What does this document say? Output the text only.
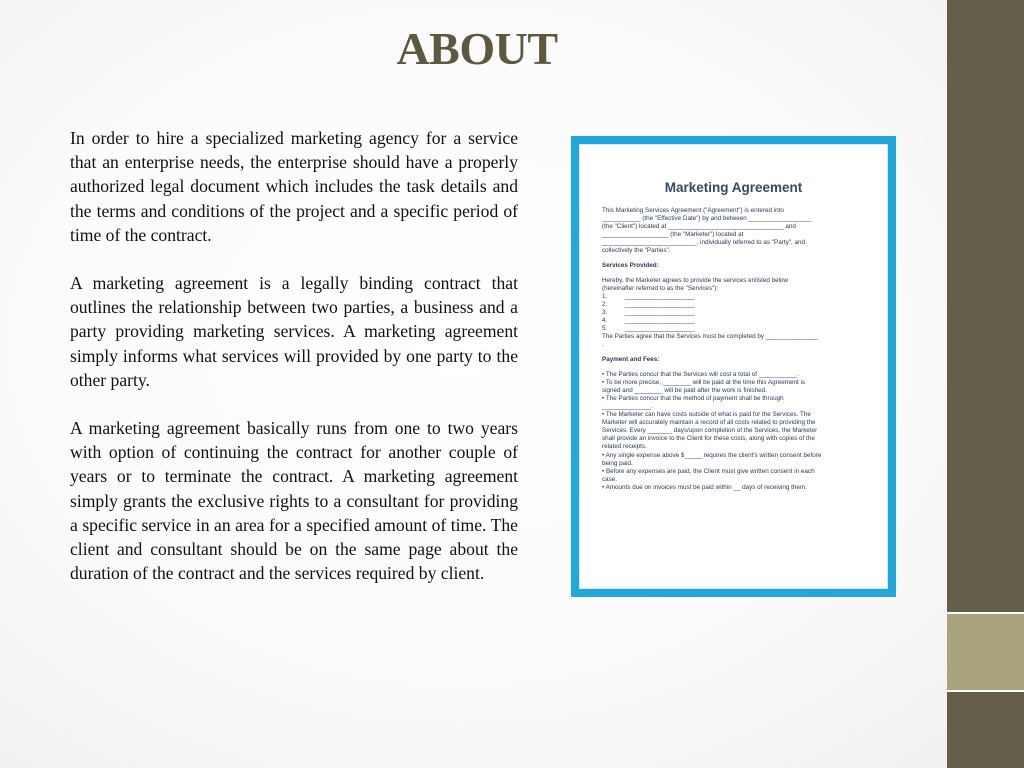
ABOUT

In order to hire a specialized marketing agency for a service that an enterprise needs, the enterprise should have a properly authorized legal document which includes the task details and the terms and conditions of the project and a specific period of time of the contract.

A marketing agreement is a legally binding contract that outlines the relationship between two parties, a business and a party providing marketing services. A marketing agreement simply informs what services will provided by one party to the other party.

A marketing agreement basically runs from one to two years with option of continuing the contract for another couple of years or to terminate the contract. A marketing agreement simply grants the exclusive rights to a consultant for providing a specific service in an area for a specified amount of time. The client and consultant should be on the same page about the duration of the contract and the services required by client.

Marketing Agreement
This Marketing Services Agreement ("Agreement") is entered into
___________ (the "Effective Date") by and between __________________
(the "Client") located at _________________________________ and
___________________ (the "Marketer") located at
___________________________, individually referred to as "Party", and
collectively the "Parties".
Services Provided:
Hereby, the Marketer agrees to provide the services enlisted below
(hereinafter referred to as the "Services"):
1.          ____________________
2.          ____________________
3.          ____________________
4.          ____________________
5.          ____________________
The Parties agree that the Services must be completed by _______________
.
Payment and Fees:
• The Parties concur that the Services will cost a total of ___________.
• To be more precise, ________ will be paid at the time this Agreement is
signed and ________ will be paid after the work is finished.
• The Parties concur that the method of payment shall be through
______________.
• The Marketer can have costs outside of what is paid for the Services. The
Marketer will accurately maintain a record of all costs related to providing the
Services. Every _______ days/upon completion of the Services, the Marketer
shall provide an invoice to the Client for these costs, along with copies of the
related receipts.
• Any single expense above $_____ requires the client's written consent before
being paid.
• Before any expenses are paid, the Client must give written consent in each
case.
• Amounts due on invoices must be paid within __ days of receiving them.
